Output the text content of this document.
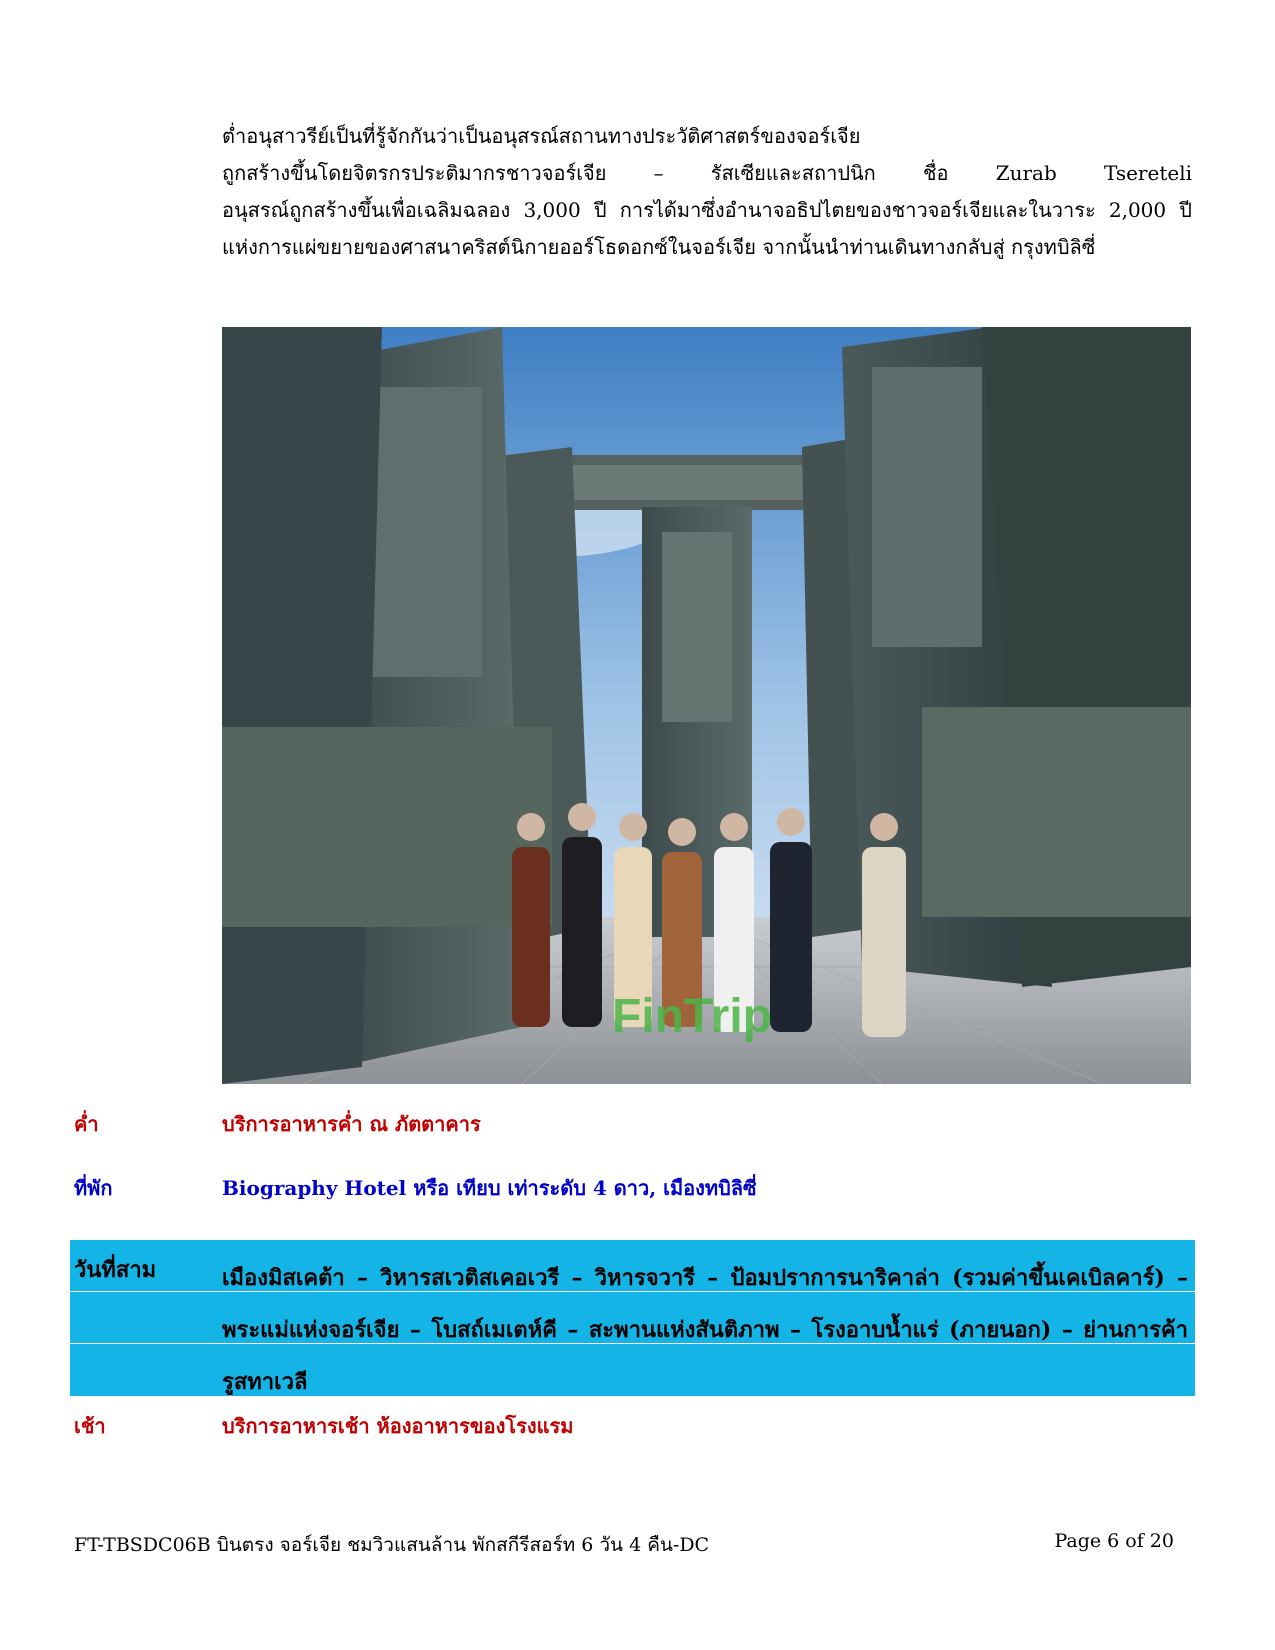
ต่ำอนุสาวรีย์เป็นที่รู้จักกันว่าเป็นอนุสรณ์สถานทางประวัติศาสตร์ของจอร์เจีย

ถูกสร้างขึ้นโดยจิตรกรประติมากรชาวจอร์เจีย – รัสเซียและสถาปนิก ชื่อ Zurab Tsereteli

อนุสรณ์ถูกสร้างขึ้นเพื่อเฉลิมฉลอง 3,000 ปี การได้มาซึ่งอำนาจอธิปไตยของชาวจอร์เจียและในวาระ 2,000 ปี

แห่งการแผ่ขยายของศาสนาคริสต์นิกายออร์โธดอกซ์ในจอร์เจีย จากนั้นนำท่านเดินทางกลับสู่ กรุงทบิลิซี่

FinTrip
ค่ำ	บริการอาหารค่ำ ณ ภัตตาคาร
ที่พัก	Biography Hotel หรือ เทียบ เท่าระดับ 4 ดาว, เมืองทบิลิซี่
วันที่สาม	เมืองมิสเคต้า – วิหารสเวติสเคอเวรี – วิหารจวารี – ป้อมปราการนาริคาล่า (รวมค่าขึ้นเคเบิลคาร์) –
พระแม่แห่งจอร์เจีย – โบสถ์เมเตห์คี – สะพานแห่งสันติภาพ – โรงอาบน้ำแร่ (ภายนอก) – ย่านการค้า
รูสทาเวลี
เช้า	บริการอาหารเช้า ห้องอาหารของโรงแรม
FT-TBSDC06B บินตรง จอร์เจีย ชมวิวแสนล้าน พักสกีรีสอร์ท 6 วัน 4 คืน-DC	Page 6 of 20
